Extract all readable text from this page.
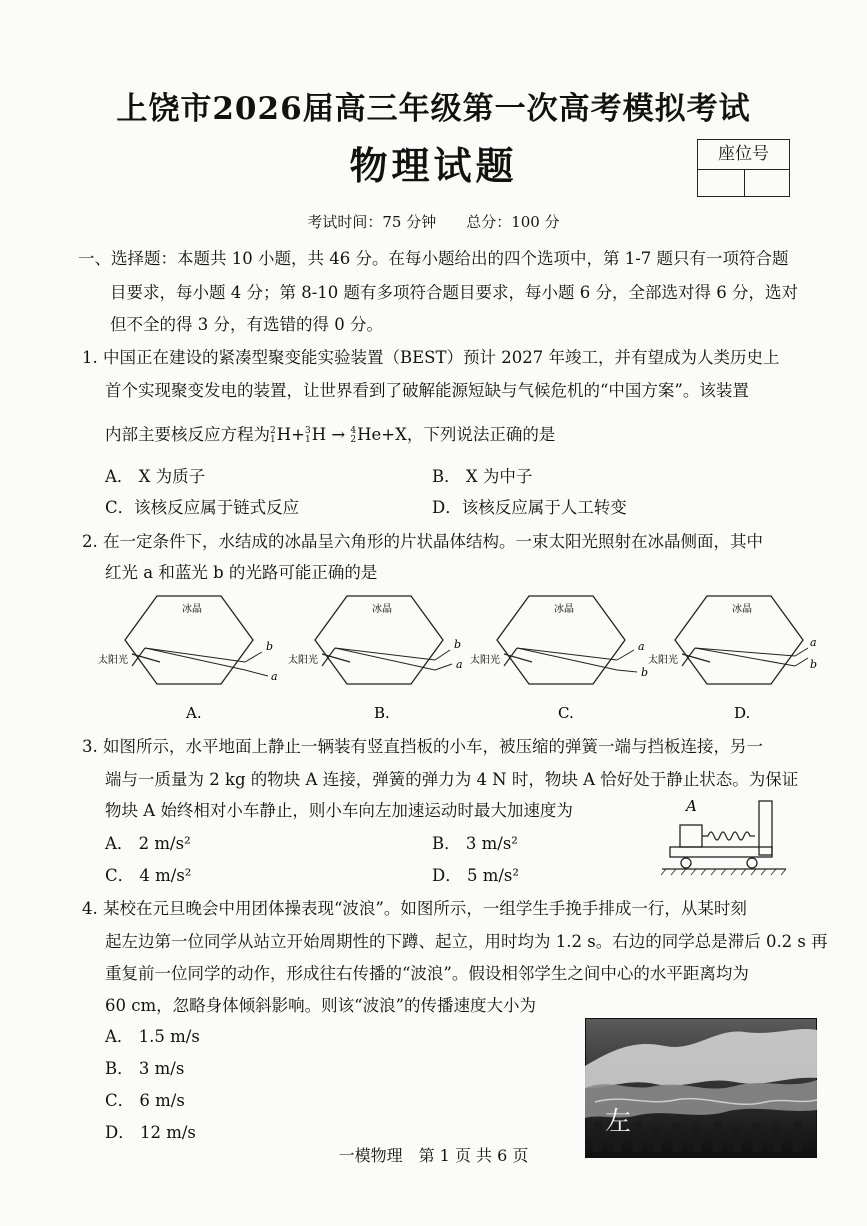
上饶市2026届高三年级第一次高考模拟考试
物理试题	座位号
考试时间：75 分钟　　总分：100 分
一、选择题：本题共 10 小题，共 46 分。在每小题给出的四个选项中，第 1-7 题只有一项符合题
目要求，每小题 4 分；第 8-10 题有多项符合题目要求，每小题 6 分，全部选对得 6 分，选对
但不全的得 3 分，有选错的得 0 分。
1. 中国正在建设的紧凑型聚变能实验装置（BEST）预计 2027 年竣工，并有望成为人类历史上
首个实现聚变发电的装置，让世界看到了破解能源短缺与气候危机的“中国方案”。该装置
内部主要核反应方程为 2
1 H+ 3
1 H → 4
2 He+X，下列说法正确的是
A． X 为质子	B． X 为中子
C．该核反应属于链式反应	D．该核反应属于人工转变
2. 在一定条件下，水结成的冰晶呈六角形的片状晶体结构。一束太阳光照射在冰晶侧面，其中
红光 a 和蓝光 b 的光路可能正确的是
冰晶
太阳光
b
a
A.
冰晶
太阳光
b
a
B.
冰晶
太阳光
a
b
C.
冰晶
太阳光
a
b
D.
3. 如图所示，水平地面上静止一辆装有竖直挡板的小车，被压缩的弹簧一端与挡板连接，另一
端与一质量为 2 kg 的物块 A 连接，弹簧的弹力为 4 N 时，物块 A 恰好处于静止状态。为保证
物块 A 始终相对小车静止，则小车向左加速运动时最大加速度为
A． 2 m/s²	B． 3 m/s²
C． 4 m/s²	D． 5 m/s²
A
4. 某校在元旦晚会中用团体操表现“波浪”。如图所示，一组学生手挽手排成一行，从某时刻
起左边第一位同学从站立开始周期性的下蹲、起立，用时均为 1.2 s。右边的同学总是滞后 0.2 s 再
重复前一位同学的动作，形成往右传播的“波浪”。假设相邻学生之间中心的水平距离均为
60 cm，忽略身体倾斜影响。则该“波浪”的传播速度大小为
A． 1.5 m/s
B． 3 m/s
C． 6 m/s
D． 12 m/s	左
一模物理　第 1 页 共 6 页
